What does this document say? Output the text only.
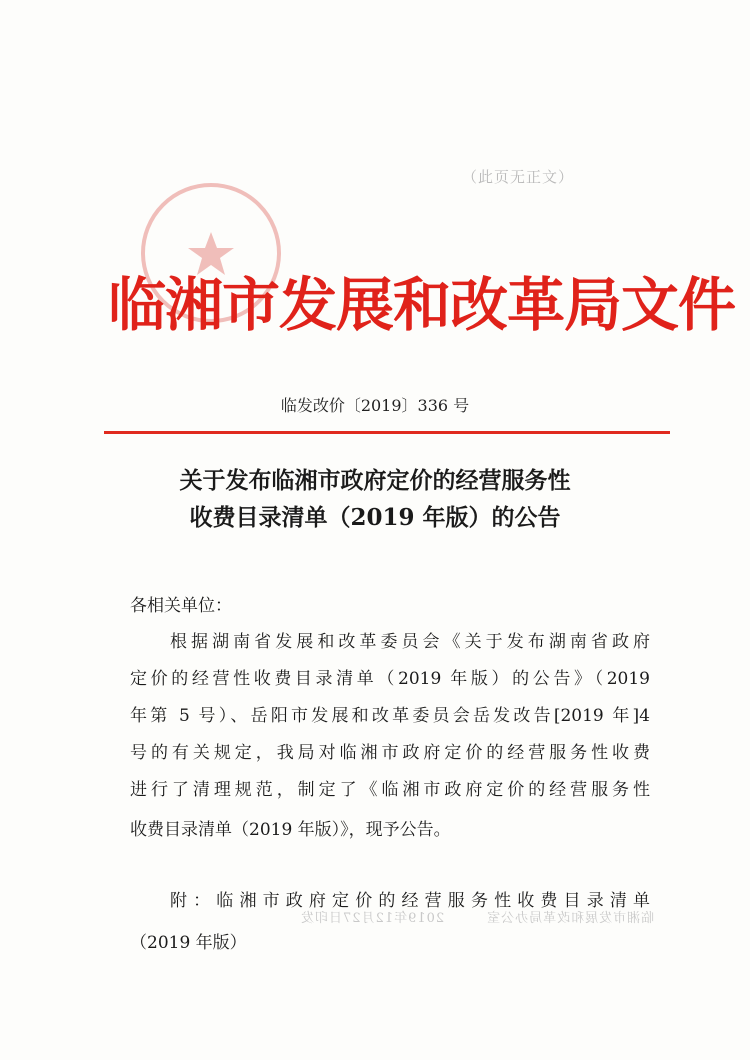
临湘市发展和改革局办公室　　　2019年12月27日印发
（此页无正文）
临湘市发展和改革局文件
临发改价〔2019〕336 号
关于发布临湘市政府定价的经营服务性
收费目录清单（2019 年版）的公告
各相关单位：
根据湖南省发展和改革委员会《关于发布湖南省政府
定价的经营性收费目录清单（2019 年版）的公告》（2019
年第 5 号）、岳阳市发展和改革委员会岳发改告[2019 年]4
号的有关规定，我局对临湘市政府定价的经营服务性收费
进行了清理规范，制定了《临湘市政府定价的经营服务性
收费目录清单（2019 年版）》，现予公告。
附：临湘市政府定价的经营服务性收费目录清单
（2019 年版）
